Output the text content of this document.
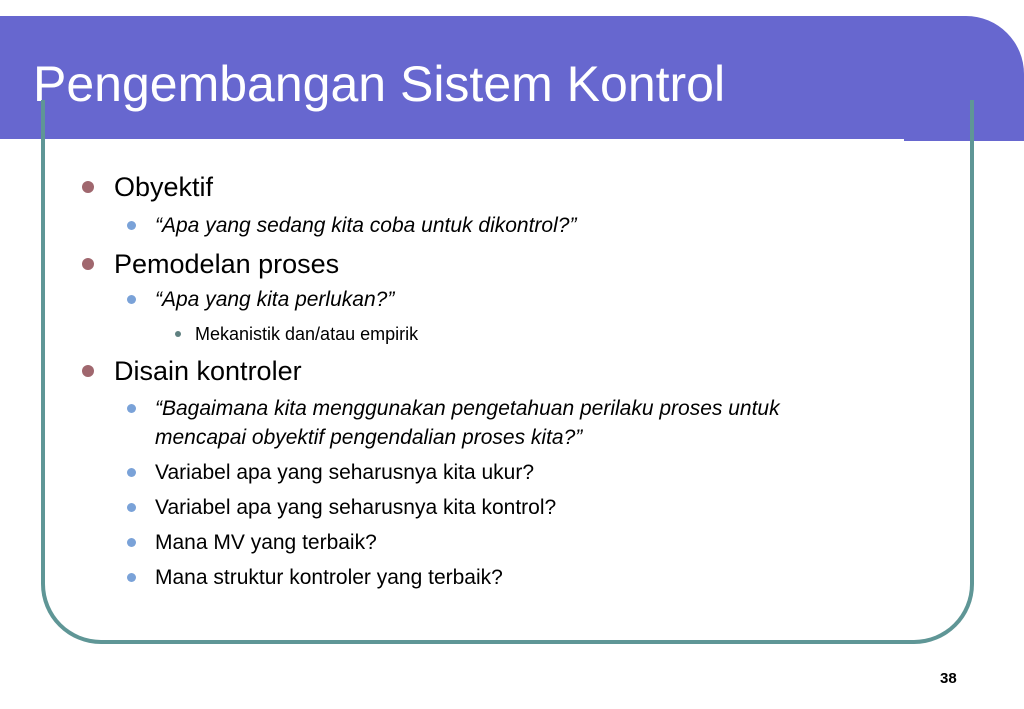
Pengembangan Sistem Kontrol
Obyektif
“Apa yang sedang kita coba untuk dikontrol?”
Pemodelan proses
“Apa yang kita perlukan?”
Mekanistik dan/atau empirik
Disain kontroler
“Bagaimana kita menggunakan pengetahuan perilaku proses untuk
mencapai obyektif pengendalian proses kita?”
Variabel apa yang seharusnya kita ukur?
Variabel apa yang seharusnya kita kontrol?
Mana MV yang terbaik?
Mana struktur kontroler yang terbaik?
38
